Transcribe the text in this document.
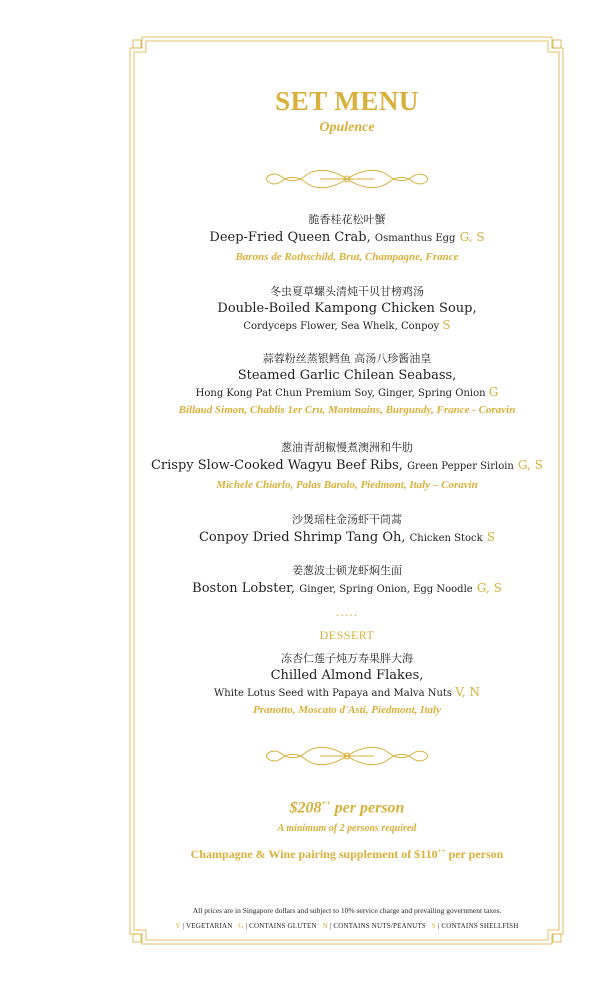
SET MENU
Opulence
脆香桂花松叶蟹
Deep-Fried Queen Crab, Osmanthus Egg G, S
Barons de Rothschild, Brut, Champagne, France
冬虫夏草螺头清炖干贝甘榜鸡汤
Double-Boiled Kampong Chicken Soup,
Cordyceps Flower, Sea Whelk, Conpoy S
蒜蓉粉丝蒸银鳕鱼 高汤八珍酱油皇
Steamed Garlic Chilean Seabass,
Hong Kong Pat Chun Premium Soy, Ginger, Spring Onion G
Billaud Simon, Chablis 1er Cru, Montmains, Burgundy, France - Coravin
葱油青胡椒慢煮澳洲和牛肋
Crispy Slow-Cooked Wagyu Beef Ribs, Green Pepper Sirloin G, S
Michele Chiarlo, Palas Barolo, Piedmont, Italy – Coravin
沙煲瑶柱金汤虾干茼蒿
Conpoy Dried Shrimp Tang Oh, Chicken Stock S
姜葱波士顿龙虾焖生面
Boston Lobster, Ginger, Spring Onion, Egg Noodle G, S
.....
DESSERT
冻杏仁莲子炖万寿果胖大海
Chilled Almond Flakes,
White Lotus Seed with Papaya and Malva Nuts V, N
Pranotto, Moscato d'Asti, Piedmont, Italy
$208++ per person
A minimum of 2 persons required
Champagne & Wine pairing supplement of $110++ per person
All prices are in Singapore dollars and subject to 10% service charge and prevailing government taxes.
V | VEGETARIAN G | CONTAINS GLUTEN N | CONTAINS NUTS/PEANUTS S | CONTAINS SHELLFISH
